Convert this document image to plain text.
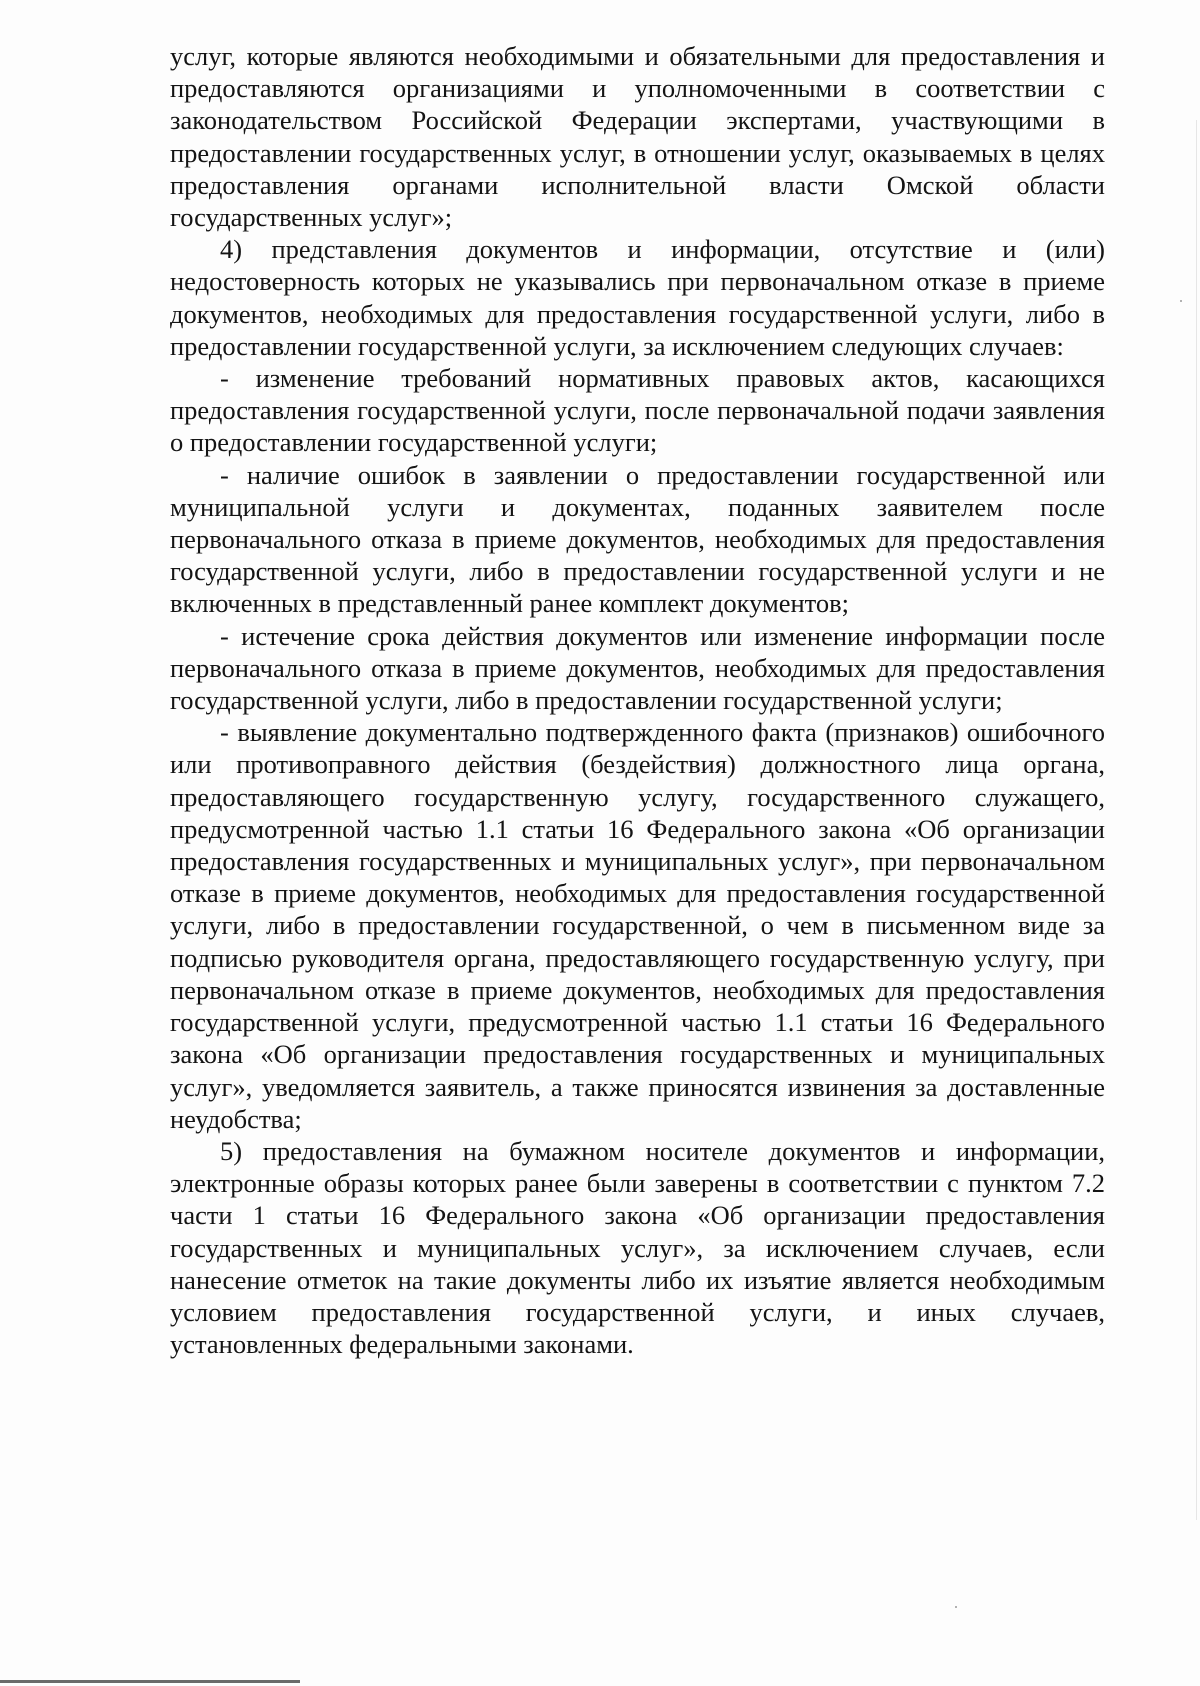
услуг, которые являются необходимыми и обязательными для предоставления и предоставляются организациями и уполномоченными в соответствии с законодательством Российской Федерации экспертами, участвующими в предоставлении государственных услуг, в отношении услуг, оказываемых в целях предоставления органами исполнительной власти Омской области государственных услуг»;

4) представления документов и информации, отсутствие и (или) недостоверность которых не указывались при первоначальном отказе в приеме документов, необходимых для предоставления государственной услуги, либо в предоставлении государственной услуги, за исключением следующих случаев:

- изменение требований нормативных правовых актов, касающихся предоставления государственной услуги, после первоначальной подачи заявления о предоставлении государственной услуги;

- наличие ошибок в заявлении о предоставлении государственной или муниципальной услуги и документах, поданных заявителем после первоначального отказа в приеме документов, необходимых для предоставления государственной услуги, либо в предоставлении государственной услуги и не включенных в представленный ранее комплект документов;

- истечение срока действия документов или изменение информации после первоначального отказа в приеме документов, необходимых для предоставления государственной услуги, либо в предоставлении государственной услуги;

- выявление документально подтвержденного факта (признаков) ошибочного или противоправного действия (бездействия) должностного лица органа, предоставляющего государственную услугу, государственного служащего, предусмотренной частью 1.1 статьи 16 Федерального закона «Об организации предоставления государственных и муниципальных услуг», при первоначальном отказе в приеме документов, необходимых для предоставления государственной услуги, либо в предоставлении государственной, о чем в письменном виде за подписью руководителя органа, предоставляющего государственную услугу, при первоначальном отказе в приеме документов, необходимых для предоставления государственной услуги, предусмотренной частью 1.1 статьи 16 Федерального закона «Об организации предоставления государственных и муниципальных услуг», уведомляется заявитель, а также приносятся извинения за доставленные неудобства;

5) предоставления на бумажном носителе документов и информации, электронные образы которых ранее были заверены в соответствии с пунктом 7.2 части 1 статьи 16 Федерального закона «Об организации предоставления государственных и муниципальных услуг», за исключением случаев, если нанесение отметок на такие документы либо их изъятие является необходимым условием предоставления государственной услуги, и иных случаев, установленных федеральными законами.
